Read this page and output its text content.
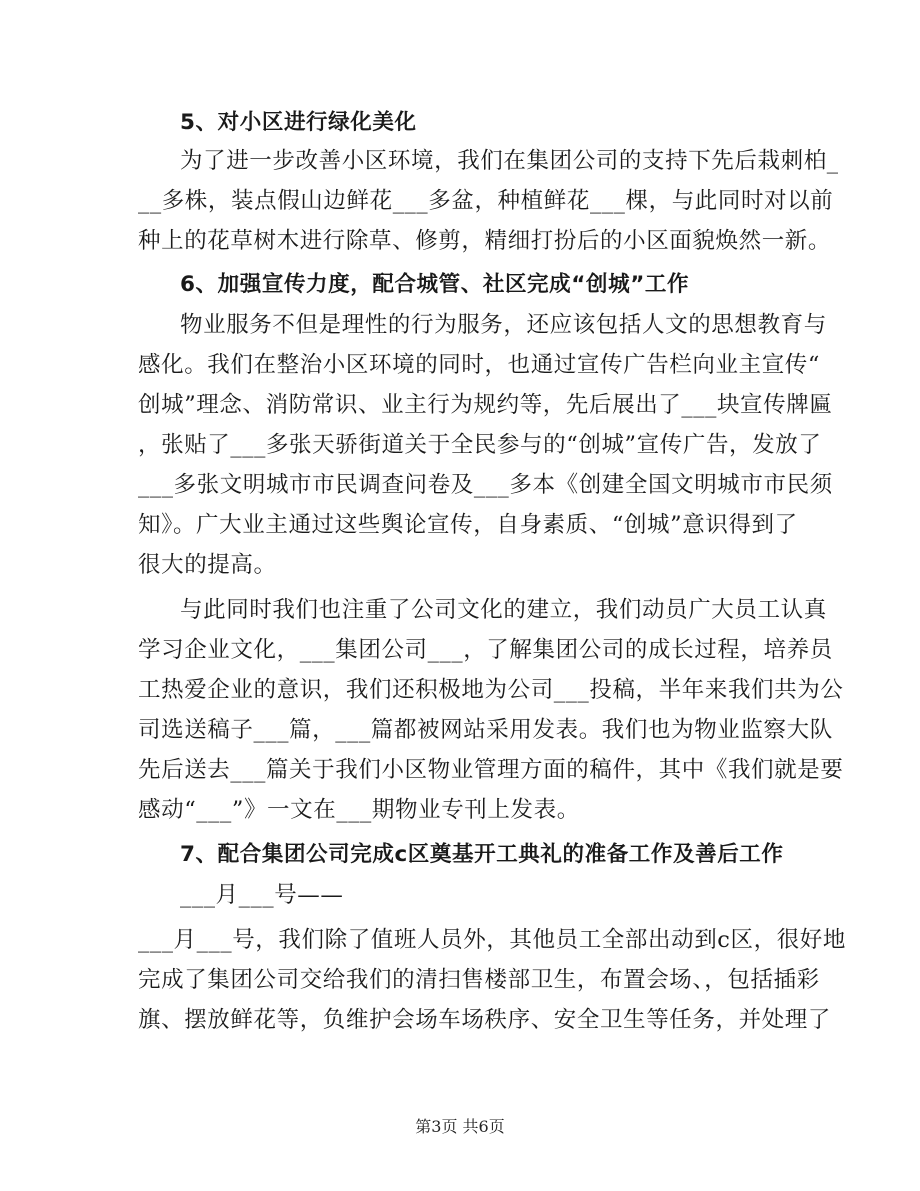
5、对小区进行绿化美化
为了进一步改善小区环境，我们在集团公司的支持下先后栽刺柏_
__多株，装点假山边鲜花___多盆，种植鲜花___棵，与此同时对以前
种上的花草树木进行除草、修剪，精细打扮后的小区面貌焕然一新。
6、加强宣传力度，配合城管、社区完成“创城”工作
物业服务不但是理性的行为服务，还应该包括人文的思想教育与
感化。我们在整治小区环境的同时，也通过宣传广告栏向业主宣传“
创城”理念、消防常识、业主行为规约等，先后展出了___块宣传牌匾
，张贴了___多张天骄街道关于全民参与的“创城”宣传广告，发放了
___多张文明城市市民调查问卷及___多本《创建全国文明城市市民须
知》。广大业主通过这些舆论宣传，自身素质、“创城”意识得到了
很大的提高。
与此同时我们也注重了公司文化的建立，我们动员广大员工认真
学习企业文化，___集团公司___，了解集团公司的成长过程，培养员
工热爱企业的意识，我们还积极地为公司___投稿，半年来我们共为公
司选送稿子___篇，___篇都被网站采用发表。我们也为物业监察大队
先后送去___篇关于我们小区物业管理方面的稿件，其中《我们就是要
感动“___”》一文在___期物业专刊上发表。
7、配合集团公司完成c区奠基开工典礼的准备工作及善后工作
___月___号——
___月___号，我们除了值班人员外，其他员工全部出动到c区，很好地
完成了集团公司交给我们的清扫售楼部卫生，布置会场、，包括插彩
旗、摆放鲜花等，负维护会场车场秩序、安全卫生等任务，并处理了
第3页 共6页
